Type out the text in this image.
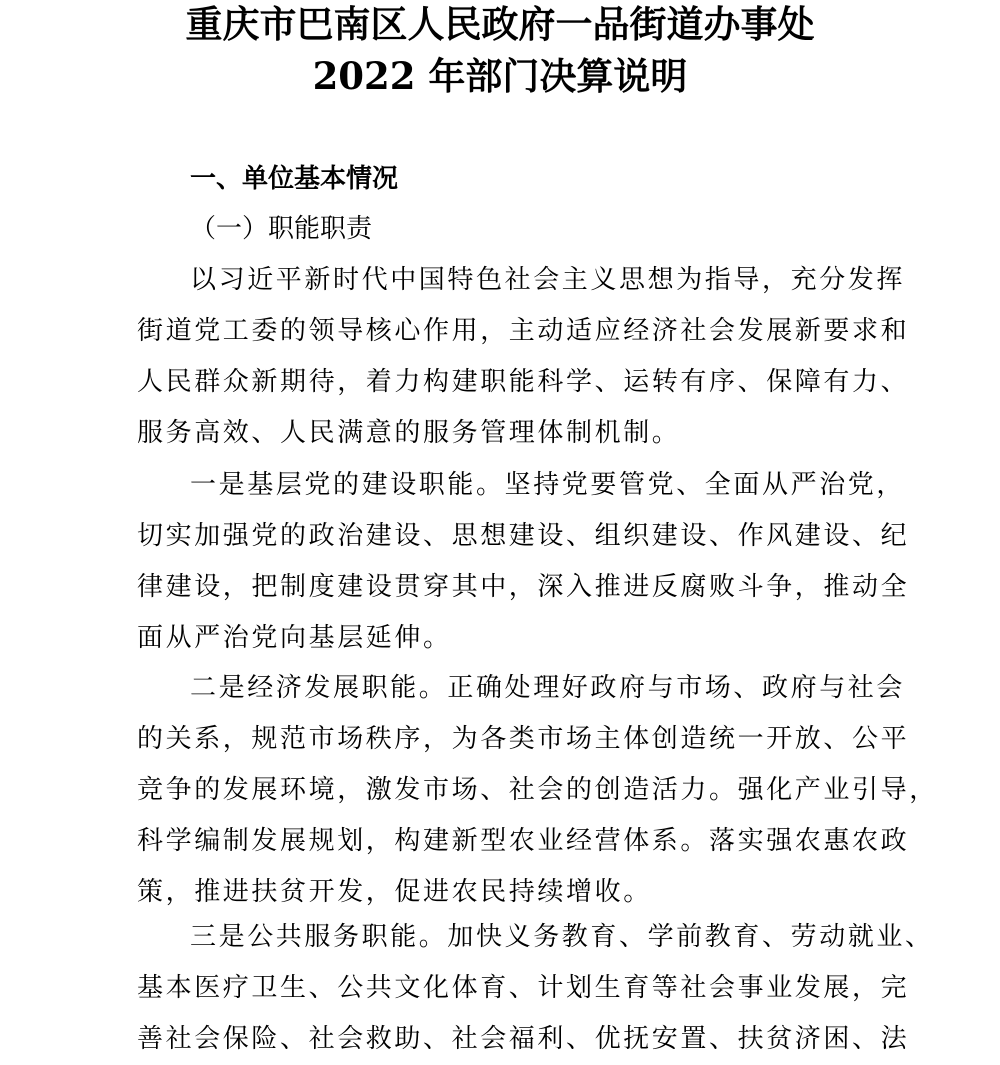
重庆市巴南区人民政府一品街道办事处
2022 年部门决算说明
一、单位基本情况
（一）职能职责
以习近平新时代中国特色社会主义思想为指导，充分发挥
街道党工委的领导核心作用，主动适应经济社会发展新要求和
人民群众新期待，着力构建职能科学、运转有序、保障有力、
服务高效、人民满意的服务管理体制机制。
一是基层党的建设职能。坚持党要管党、全面从严治党，
切实加强党的政治建设、思想建设、组织建设、作风建设、纪
律建设，把制度建设贯穿其中，深入推进反腐败斗争，推动全
面从严治党向基层延伸。
二是经济发展职能。正确处理好政府与市场、政府与社会
的关系，规范市场秩序，为各类市场主体创造统一开放、公平
竞争的发展环境，激发市场、社会的创造活力。强化产业引导，
科学编制发展规划，构建新型农业经营体系。落实强农惠农政
策，推进扶贫开发，促进农民持续增收。
三是公共服务职能。加快义务教育、学前教育、劳动就业、
基本医疗卫生、公共文化体育、计划生育等社会事业发展，完
善社会保险、社会救助、社会福利、优抚安置、扶贫济困、法
